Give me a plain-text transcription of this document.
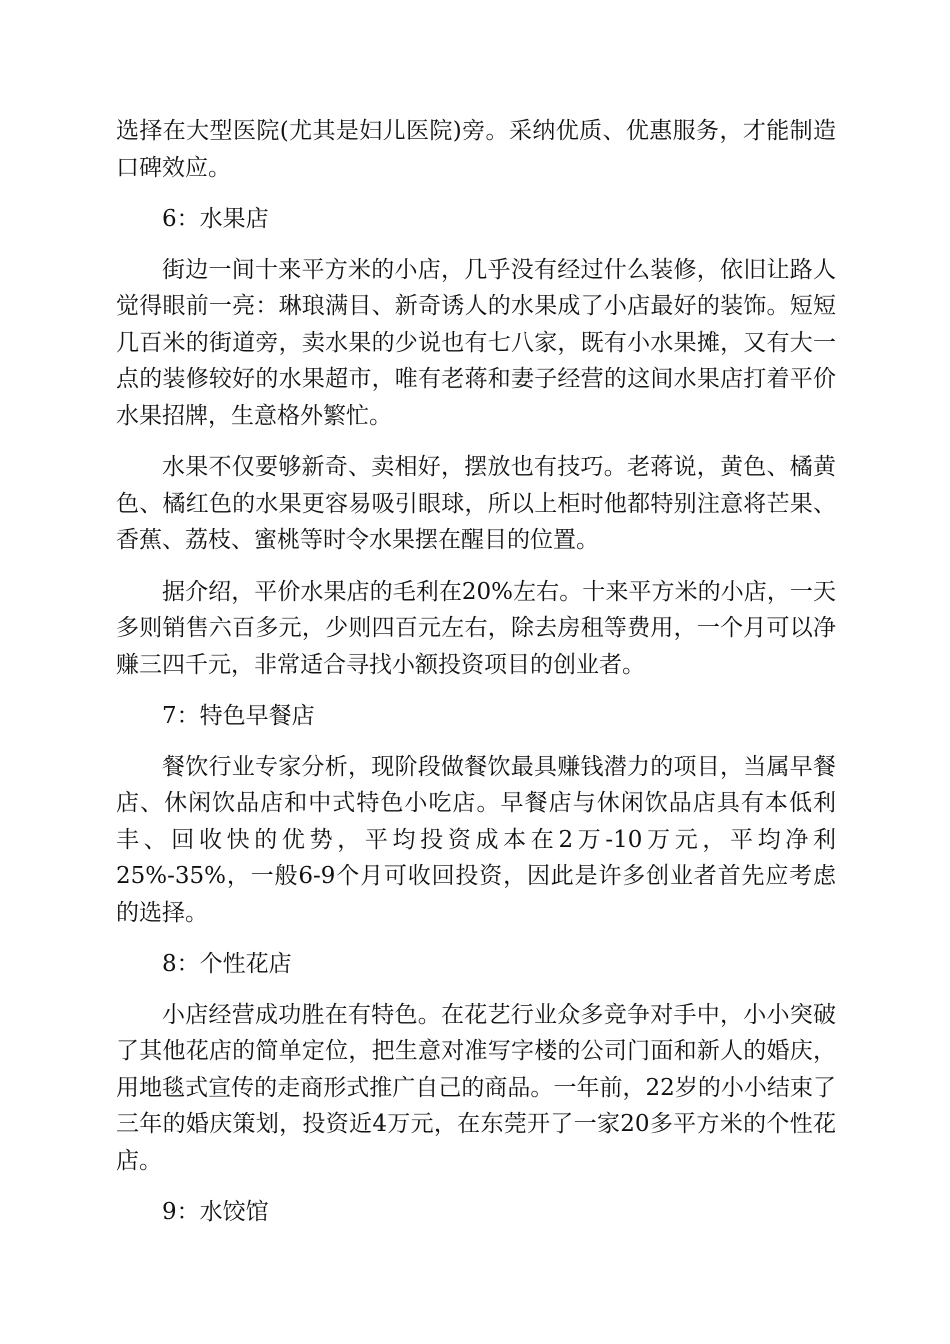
选择在大型医院(尤其是妇儿医院)旁。采纳优质、优惠服务，才能制造口碑效应。

6：水果店

街边一间十来平方米的小店，几乎没有经过什么装修，依旧让路人觉得眼前一亮：琳琅满目、新奇诱人的水果成了小店最好的装饰。短短几百米的街道旁，卖水果的少说也有七八家，既有小水果摊，又有大一点的装修较好的水果超市，唯有老蒋和妻子经营的这间水果店打着平价水果招牌，生意格外繁忙。

水果不仅要够新奇、卖相好，摆放也有技巧。老蒋说，黄色、橘黄色、橘红色的水果更容易吸引眼球，所以上柜时他都特别注意将芒果、香蕉、荔枝、蜜桃等时令水果摆在醒目的位置。

据介绍，平价水果店的毛利在20%左右。十来平方米的小店，一天多则销售六百多元，少则四百元左右，除去房租等费用，一个月可以净赚三四千元，非常适合寻找小额投资项目的创业者。

7：特色早餐店

餐饮行业专家分析，现阶段做餐饮最具赚钱潜力的项目，当属早餐店、休闲饮品店和中式特色小吃店。早餐店与休闲饮品店具有本低利丰、回收快的优势，平均投资成本在2万-10万元，平均净利25%-35%，一般6-9个月可收回投资，因此是许多创业者首先应考虑的选择。

8：个性花店

小店经营成功胜在有特色。在花艺行业众多竞争对手中，小小突破了其他花店的简单定位，把生意对准写字楼的公司门面和新人的婚庆，用地毯式宣传的走商形式推广自己的商品。一年前，22岁的小小结束了三年的婚庆策划，投资近4万元，在东莞开了一家20多平方米的个性花店。

9：水饺馆
